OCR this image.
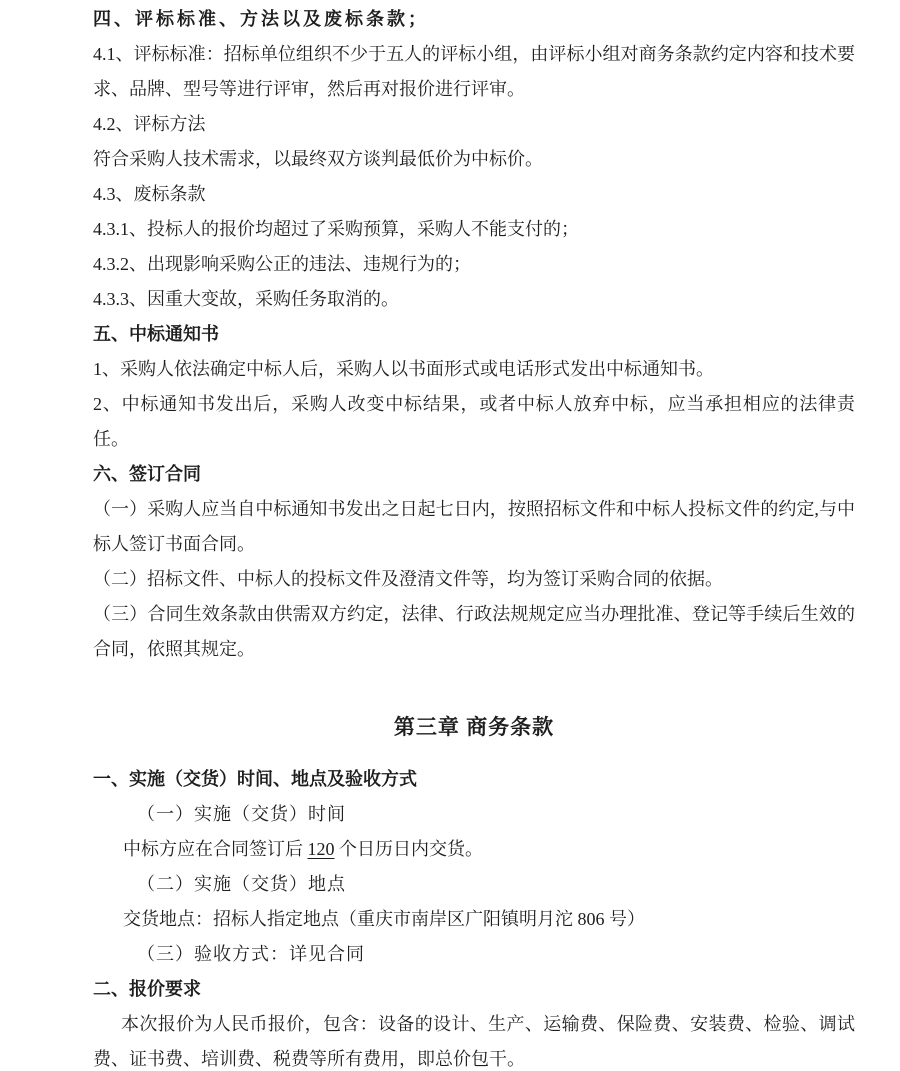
四、评标标准、方法以及废标条款；

4.1、评标标准：招标单位组织不少于五人的评标小组，由评标小组对商务条款约定内容和技术要求、品牌、型号等进行评审，然后再对报价进行评审。

4.2、评标方法

符合采购人技术需求，以最终双方谈判最低价为中标价。

4.3、废标条款

4.3.1、投标人的报价均超过了采购预算，采购人不能支付的；

4.3.2、出现影响采购公正的违法、违规行为的；

4.3.3、因重大变故，采购任务取消的。

五、中标通知书

1、采购人依法确定中标人后，采购人以书面形式或电话形式发出中标通知书。

2、中标通知书发出后，采购人改变中标结果，或者中标人放弃中标，应当承担相应的法律责任。

六、签订合同

（一）采购人应当自中标通知书发出之日起七日内，按照招标文件和中标人投标文件的约定,与中标人签订书面合同。

（二）招标文件、中标人的投标文件及澄清文件等，均为签订采购合同的依据。

（三）合同生效条款由供需双方约定，法律、行政法规规定应当办理批准、登记等手续后生效的合同，依照其规定。

第三章 商务条款

一、实施（交货）时间、地点及验收方式

（一）实施（交货）时间

中标方应在合同签订后 120 个日历日内交货。

（二）实施（交货）地点

交货地点：招标人指定地点（重庆市南岸区广阳镇明月沱 806 号）

（三）验收方式：详见合同

二、报价要求

本次报价为人民币报价，包含：设备的设计、生产、运输费、保险费、安装费、检验、调试费、证书费、培训费、税费等所有费用，即总价包干。
